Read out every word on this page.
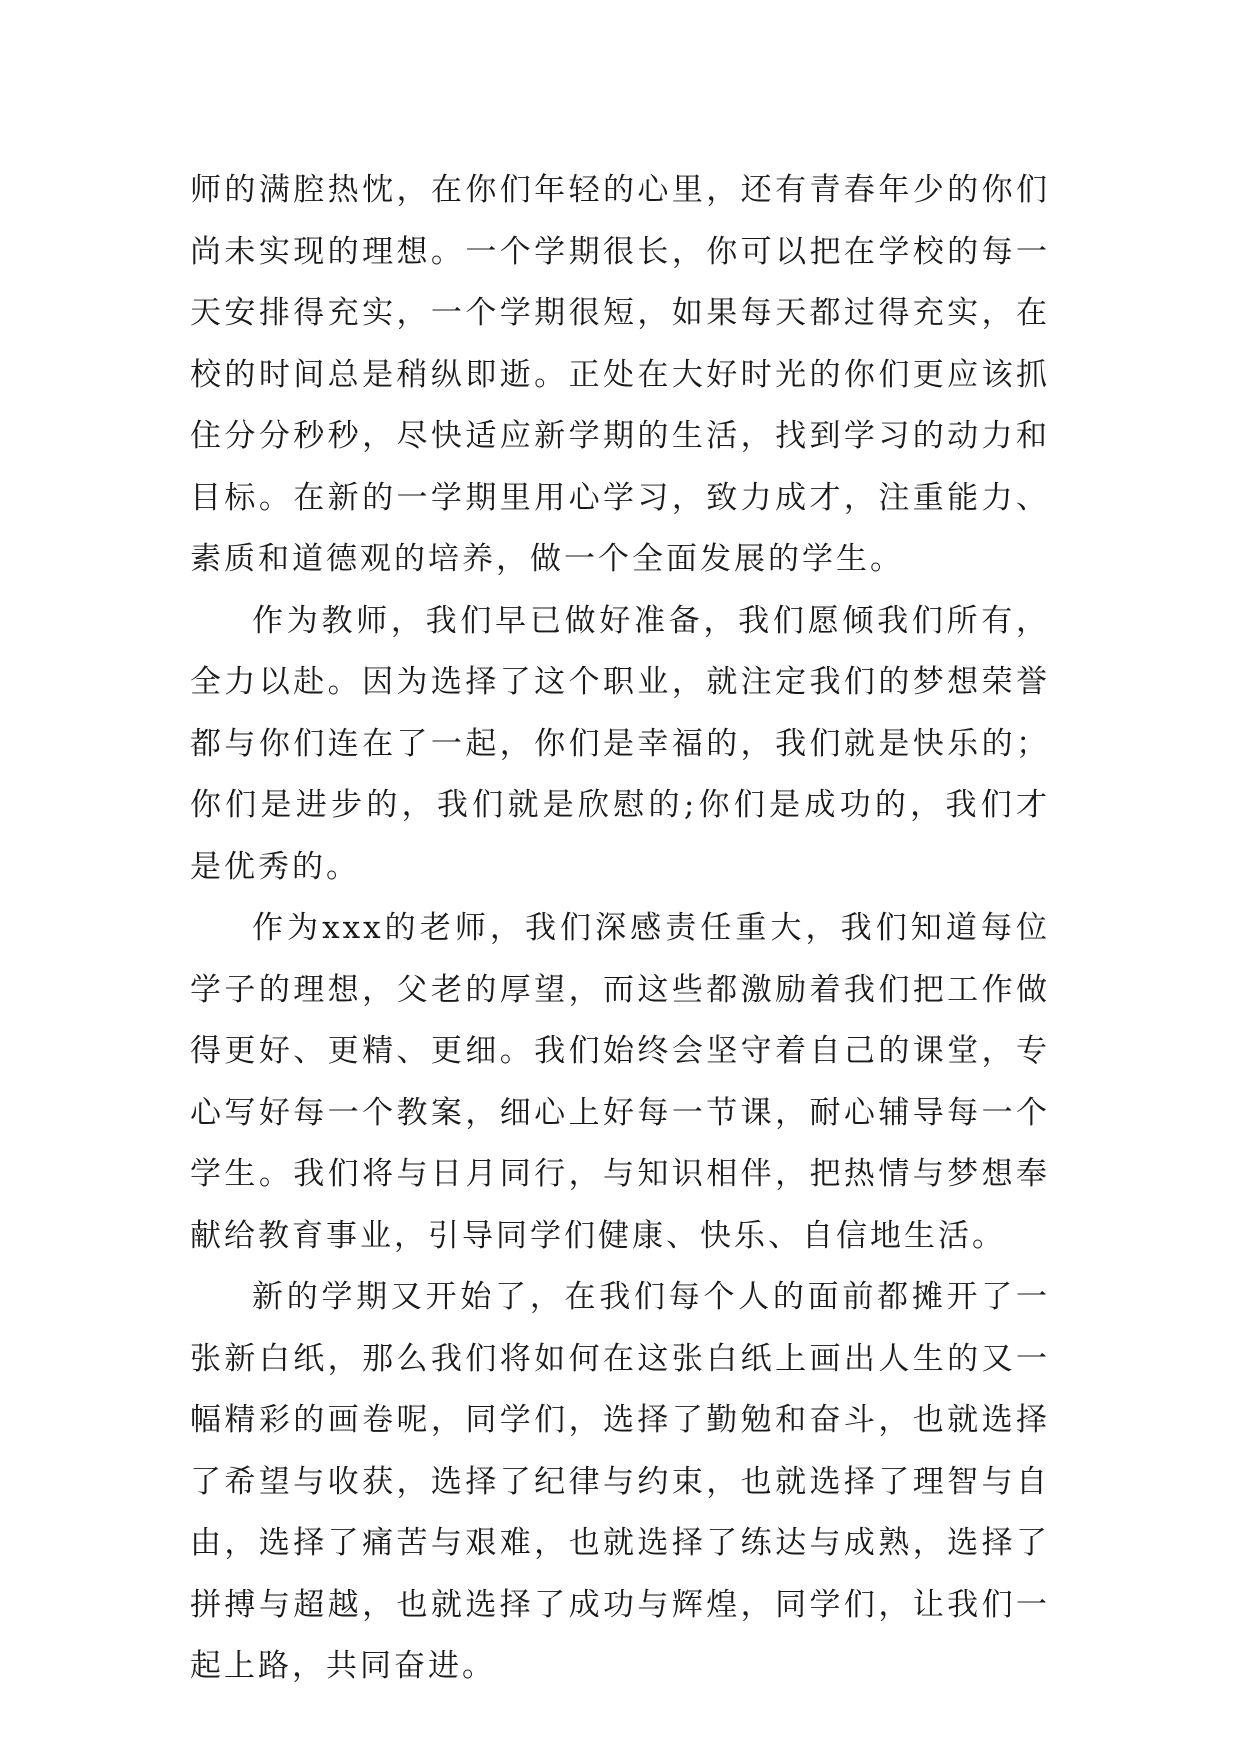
师的满腔热忱，在你们年轻的心里，还有青春年少的你们尚未实现的理想。一个学期很长，你可以把在学校的每一天安排得充实，一个学期很短，如果每天都过得充实，在校的时间总是稍纵即逝。正处在大好时光的你们更应该抓住分分秒秒，尽快适应新学期的生活，找到学习的动力和目标。在新的一学期里用心学习，致力成才，注重能力、素质和道德观的培养，做一个全面发展的学生。

作为教师，我们早已做好准备，我们愿倾我们所有，全力以赴。因为选择了这个职业，就注定我们的梦想荣誉都与你们连在了一起，你们是幸福的，我们就是快乐的；你们是进步的，我们就是欣慰的;你们是成功的，我们才是优秀的。

作为xxx的老师，我们深感责任重大，我们知道每位学子的理想，父老的厚望，而这些都激励着我们把工作做得更好、更精、更细。我们始终会坚守着自己的课堂，专心写好每一个教案，细心上好每一节课，耐心辅导每一个学生。我们将与日月同行，与知识相伴，把热情与梦想奉献给教育事业，引导同学们健康、快乐、自信地生活。

新的学期又开始了，在我们每个人的面前都摊开了一张新白纸，那么我们将如何在这张白纸上画出人生的又一幅精彩的画卷呢，同学们，选择了勤勉和奋斗，也就选择了希望与收获，选择了纪律与约束，也就选择了理智与自由，选择了痛苦与艰难，也就选择了练达与成熟，选择了拼搏与超越，也就选择了成功与辉煌，同学们，让我们一起上路，共同奋进。
